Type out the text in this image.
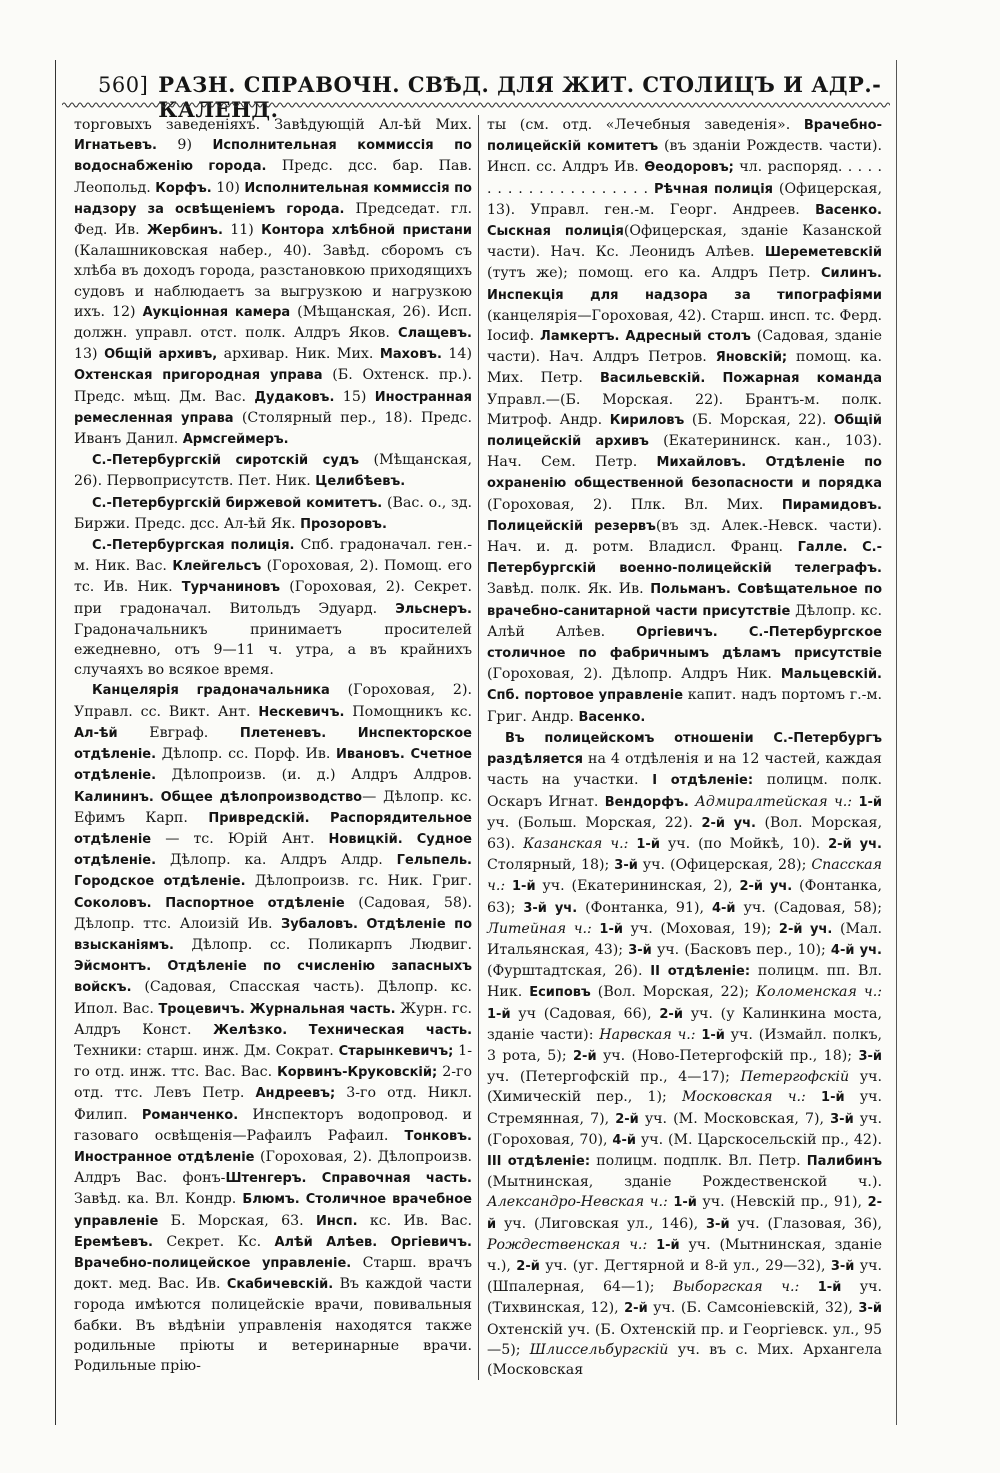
560] РАЗН. СПРАВОЧН. СВѢД. ДЛЯ ЖИТ. СТОЛИЦЪ И АДР.-КАЛЕНД.

торговыхъ заведеніяхъ. Завѣдующій Ал-ѣй Мих. Игнатьевъ. 9) Исполнительная коммиссія по водоснабженію города. Предс. дсс. бар. Пав. Леопольд. Корфъ. 10) Исполнительная коммиссія по надзору за освѣщеніемъ города. Председат. гл. Фед. Ив. Жербинъ. 11) Контора хлѣбной пристани (Калашниковская набер., 40). Завѣд. сборомъ съ хлѣба въ доходъ города, разстановкою приходящихъ судовъ и наблюдаетъ за выгрузкою и нагрузкою ихъ. 12) Аукціонная камера (Мѣщанская, 26). Исп. должн. управл. отст. полк. Алдръ Яков. Слащевъ. 13) Общій архивъ, архивар. Ник. Мих. Маховъ. 14) Охтенская пригородная управа (Б. Охтенск. пр.). Предс. мѣщ. Дм. Вас. Дудаковъ. 15) Иностранная ремесленная управа (Столярный пер., 18). Предс. Иванъ Данил. Армсгеймеръ.

С.-Петербургскій сиротскій судъ (Мѣщанская, 26). Первоприсутств. Пет. Ник. Целибѣевъ.

С.-Петербургскій биржевой комитетъ. (Вас. о., зд. Биржи. Предс. дсс. Ал-ѣй Як. Прозоровъ.

С.-Петербургская полиція. Спб. градоначал. ген.-м. Ник. Вас. Клейгельсъ (Гороховая, 2). Помощ. его тс. Ив. Ник. Турчаниновъ (Гороховая, 2). Секрет. при градоначал. Витольдъ Эдуард. Эльснеръ. Градоначальникъ принимаетъ просителей ежедневно, отъ 9—11 ч. утра, а въ крайнихъ случаяхъ во всякое время.

Канцелярія градоначальника (Гороховая, 2). Управл. сс. Викт. Ант. Нескевичъ. Помощникъ кс. Ал-ѣй Евграф. Плетеневъ. Инспекторское отдѣленіе. Дѣлопр. сс. Порф. Ив. Ивановъ. Счетное отдѣленіе. Дѣлопроизв. (и. д.) Алдръ Алдров. Калининъ. Общее дѣлопроизводство— Дѣлопр. кс. Ефимъ Карп. Привредскій. Распорядительное отдѣленіе — тс. Юрій Ант. Новицкій. Судное отдѣленіе. Дѣлопр. ка. Алдръ Алдр. Гельпель. Городское отдѣленіе. Дѣлопроизв. гс. Ник. Григ. Соколовъ. Паспортное отдѣленіе (Садовая, 58). Дѣлопр. ттс. Алоизій Ив. Зубаловъ. Отдѣленіе по взысканіямъ. Дѣлопр. сс. Поликарпъ Людвиг. Эйсмонтъ. Отдѣленіе по счисленію запасныхъ войскъ. (Садовая, Спасская часть). Дѣлопр. кс. Ипол. Вас. Троцевичъ. Журнальная часть. Журн. гс. Алдръ Конст. Желѣзко. Техническая часть. Техники: старш. инж. Дм. Сократ. Старынкевичъ; 1-го отд. инж. ттс. Вас. Вас. Корвинъ-Круковскій; 2-го отд. ттс. Левъ Петр. Андреевъ; 3-го отд. Никл. Филип. Романченко. Инспекторъ водопровод. и газоваго освѣщенія—Рафаилъ Рафаил. Тонковъ. Иностранное отдѣленіе (Гороховая, 2). Дѣлопроизв. Алдръ Вас. фонъ-Штенгеръ. Справочная часть. Завѣд. ка. Вл. Кондр. Блюмъ. Столичное врачебное управленіе Б. Морская, 63. Инсп. кс. Ив. Вас. Еремѣевъ. Секрет. Кс. Алѣй Алѣев. Оргіевичъ. Врачебно-полицейское управленіе. Старш. врачъ докт. мед. Вас. Ив. Скабичевскій. Въ каждой части города имѣются полицейскіе врачи, повивальныя бабки. Въ вѣдѣніи управленія находятся также родильные пріюты и ветеринарные врачи. Родильные прію-

ты (см. отд. «Лечебныя заведенія». Врачебно-полицейскій комитетъ (въ зданіи Рождеств. части). Инсп. сс. Алдръ Ив. Өеодоровъ; чл. распоряд. . . . . . . . . . . . . . . . . . . . . Рѣчная полиція (Офицерская, 13). Управл. ген.-м. Георг. Андреев. Васенко. Сыскная полиція(Офицерская, зданіе Казанской части). Нач. Кс. Леонидъ Алѣев. Шереметевскій (тутъ же); помощ. его ка. Алдръ Петр. Силинъ. Инспекція для надзора за типографіями (канцелярія—Гороховая, 42). Старш. инсп. тс. Ферд. Іосиф. Ламкертъ. Адресный столъ (Садовая, зданіе части). Нач. Алдръ Петров. Яновскій; помощ. ка. Мих. Петр. Васильевскій. Пожарная команда Управл.—(Б. Морская. 22). Брантъ-м. полк. Митроф. Андр. Кириловъ (Б. Морская, 22). Общій полицейскій архивъ (Екатерининск. кан., 103). Нач. Сем. Петр. Михайловъ. Отдѣленіе по охраненію общественной безопасности и порядка (Гороховая, 2). Плк. Вл. Мих. Пирамидовъ. Полицейскій резервъ(въ зд. Алек.-Невск. части). Нач. и. д. ротм. Владисл. Франц. Галле. С.-Петербургскій военно-полицейскій телеграфъ. Завѣд. полк. Як. Ив. Польманъ. Совѣщательное по врачебно-санитарной части присутствіе Дѣлопр. кс. Алѣй Алѣев. Оргіевичъ. С.-Петербургское столичное по фабричнымъ дѣламъ присутствіе (Гороховая, 2). Дѣлопр. Алдръ Ник. Мальцевскій. Спб. портовое управленіе капит. надъ портомъ г.-м. Григ. Андр. Васенко.

Въ полицейскомъ отношеніи С.-Петербургъ раздѣляется на 4 отдѣленія и на 12 частей, каждая часть на участки. I отдѣленіе: полицм. полк. Оскаръ Игнат. Вендорфъ. Адмиралтейская ч.: 1-й уч. (Больш. Морская, 22). 2-й уч. (Вол. Морская, 63). Казанская ч.: 1-й уч. (по Мойкѣ, 10). 2-й уч. Столярный, 18); 3-й уч. (Офицерская, 28); Спасская ч.: 1-й уч. (Екатерининская, 2), 2-й уч. (Фонтанка, 63); 3-й уч. (Фонтанка, 91), 4-й уч. (Садовая, 58); Литейная ч.: 1-й уч. (Моховая, 19); 2-й уч. (Мал. Итальянская, 43); 3-й уч. (Басковъ пер., 10); 4-й уч. (Фурштадтская, 26). II отдѣленіе: полицм. пп. Вл. Ник. Есиповъ (Вол. Морская, 22); Коломенская ч.: 1-й уч (Садовая, 66), 2-й уч. (у Калинкина моста, зданіе части): Нарвская ч.: 1-й уч. (Измайл. полкъ, 3 рота, 5); 2-й уч. (Ново-Петергофскій пр., 18); 3-й уч. (Петергофскій пр., 4—17); Петергофскій уч. (Химическій пер., 1); Московская ч.: 1-й уч. Стремянная, 7), 2-й уч. (М. Московская, 7), 3-й уч. (Гороховая, 70), 4-й уч. (М. Царскосельскій пр., 42). III отдѣленіе: полицм. подплк. Вл. Петр. Палибинъ (Мытнинская, зданіе Рождественской ч.). Александро-Невская ч.: 1-й уч. (Невскій пр., 91), 2-й уч. (Лиговская ул., 146), 3-й уч. (Глазовая, 36), Рождественская ч.: 1-й уч. (Мытнинская, зданіе ч.), 2-й уч. (уг. Дегтярной и 8-й ул., 29—32), 3-й уч. (Шпалерная, 64—1); Выборгская ч.: 1-й уч. (Тихвинская, 12), 2-й уч. (Б. Самсоніевскій, 32), 3-й Охтенскій уч. (Б. Охтенскій пр. и Георгіевск. ул., 95—5); Шлиссельбургскій уч. въ с. Мих. Архангела (Московская
